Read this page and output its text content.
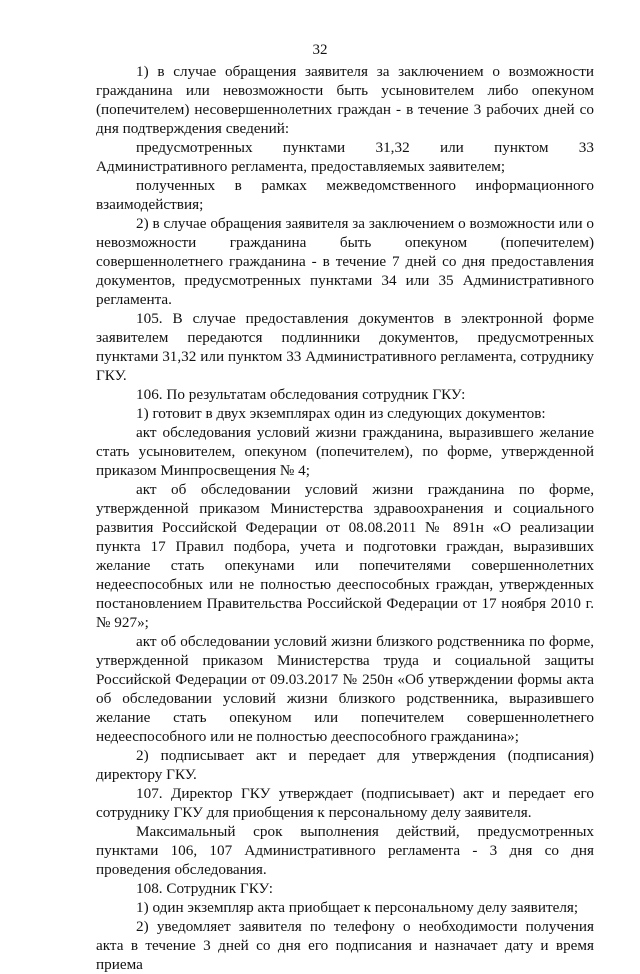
32

1) в случае обращения заявителя за заключением о возможности гражданина или невозможности быть усыновителем либо опекуном (попечителем) несовершеннолетних граждан - в течение 3 рабочих дней со дня подтверждения сведений:

предусмотренных пунктами 31,32 или пунктом 33 Административного регламента, предоставляемых заявителем;

полученных в рамках межведомственного информационного взаимодействия;

2) в случае обращения заявителя за заключением о возможности или о невозможности гражданина быть опекуном (попечителем) совершеннолетнего гражданина - в течение 7 дней со дня предоставления документов, предусмотренных пунктами 34 или 35 Административного регламента.

105. В случае предоставления документов в электронной форме заявителем передаются подлинники документов, предусмотренных пунктами 31,32 или пунктом 33 Административного регламента, сотруднику ГКУ.

106. По результатам обследования сотрудник ГКУ:

1) готовит в двух экземплярах один из следующих документов:

акт обследования условий жизни гражданина, выразившего желание стать усыновителем, опекуном (попечителем), по форме, утвержденной приказом Минпросвещения № 4;

акт об обследовании условий жизни гражданина по форме, утвержденной приказом Министерства здравоохранения и социального развития Российской Федерации от 08.08.2011 № 891н «О реализации пункта 17 Правил подбора, учета и подготовки граждан, выразивших желание стать опекунами или попечителями совершеннолетних недееспособных или не полностью дееспособных граждан, утвержденных постановлением Правительства Российской Федерации от 17 ноября 2010 г. № 927»;

акт об обследовании условий жизни близкого родственника по форме, утвержденной приказом Министерства труда и социальной защиты Российской Федерации от 09.03.2017 № 250н «Об утверждении формы акта об обследовании условий жизни близкого родственника, выразившего желание стать опекуном или попечителем совершеннолетнего недееспособного или не полностью дееспособного гражданина»;

2) подписывает акт и передает для утверждения (подписания) директору ГКУ.

107. Директор ГКУ утверждает (подписывает) акт и передает его сотруднику ГКУ для приобщения к персональному делу заявителя.

Максимальный срок выполнения действий, предусмотренных пунктами 106, 107 Административного регламента - 3 дня со дня проведения обследования.

108. Сотрудник ГКУ:

1) один экземпляр акта приобщает к персональному делу заявителя;

2) уведомляет заявителя по телефону о необходимости получения акта в течение 3 дней со дня его подписания и назначает дату и время приема
